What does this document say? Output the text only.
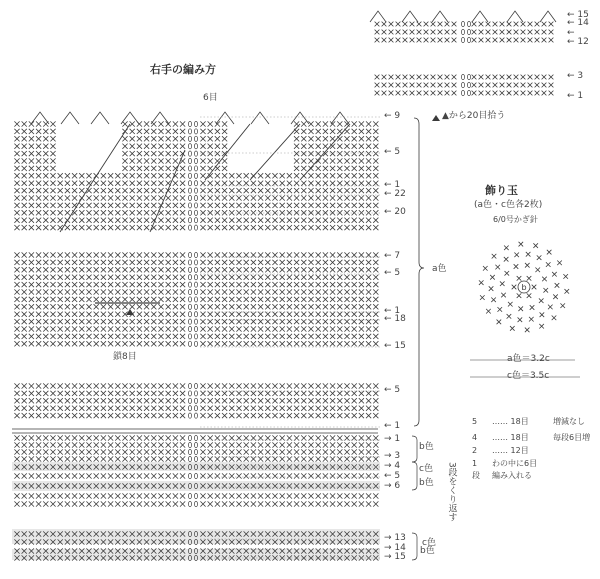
b
右手の編み方
6目
鎖8目
a色
b色
c色
b色
c色
b色
3段をくり返す
← 9
← 5
← 1
← 22
← 20
← 7
← 5
← 1
← 18
← 15
← 5
← 1
→ 1
→ 3
→ 4
← 5
→ 6
→ 13
→ 14
→ 15
← 15
← 14
←
← 12
← 3
← 1
▲から20目拾う
飾り玉
(a色・c色各2枚)
6/0号かぎ針
a色＝3.2c
c色＝3.5c
5 …… 18目	増減なし
4 …… 18目	毎段6目増
2 …… 12目
1 わの中に6目
段 編み入れる
